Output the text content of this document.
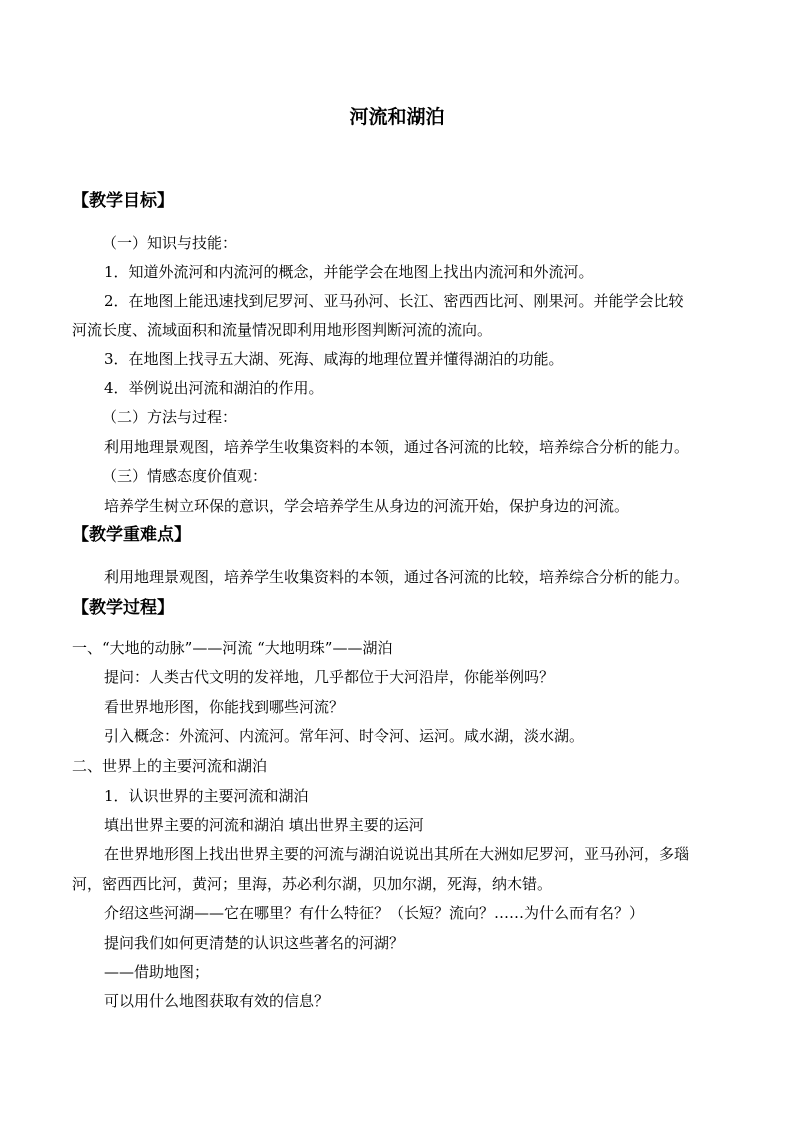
河流和湖泊
【教学目标】
（一）知识与技能：
1．知道外流河和内流河的概念，并能学会在地图上找出内流河和外流河。
2．在地图上能迅速找到尼罗河、亚马孙河、长江、密西西比河、刚果河。并能学会比较
河流长度、流域面积和流量情况即利用地形图判断河流的流向。
3．在地图上找寻五大湖、死海、咸海的地理位置并懂得湖泊的功能。
4．举例说出河流和湖泊的作用。
（二）方法与过程：
利用地理景观图，培养学生收集资料的本领，通过各河流的比较，培养综合分析的能力。
（三）情感态度价值观：
培养学生树立环保的意识，学会培养学生从身边的河流开始，保护身边的河流。
【教学重难点】
利用地理景观图，培养学生收集资料的本领，通过各河流的比较，培养综合分析的能力。
【教学过程】
一、“大地的动脉”——河流 “大地明珠”——湖泊
提问：人类古代文明的发祥地，几乎都位于大河沿岸，你能举例吗？
看世界地形图，你能找到哪些河流？
引入概念：外流河、内流河。常年河、时令河、运河。咸水湖，淡水湖。
二、世界上的主要河流和湖泊
1．认识世界的主要河流和湖泊
填出世界主要的河流和湖泊 填出世界主要的运河
在世界地形图上找出世界主要的河流与湖泊说说出其所在大洲如尼罗河，亚马孙河，多瑙
河，密西西比河，黄河；里海，苏必利尔湖，贝加尔湖，死海，纳木错。
介绍这些河湖——它在哪里？有什么特征？（长短？流向？……为什么而有名？）
提问我们如何更清楚的认识这些著名的河湖？
——借助地图；
可以用什么地图获取有效的信息？
